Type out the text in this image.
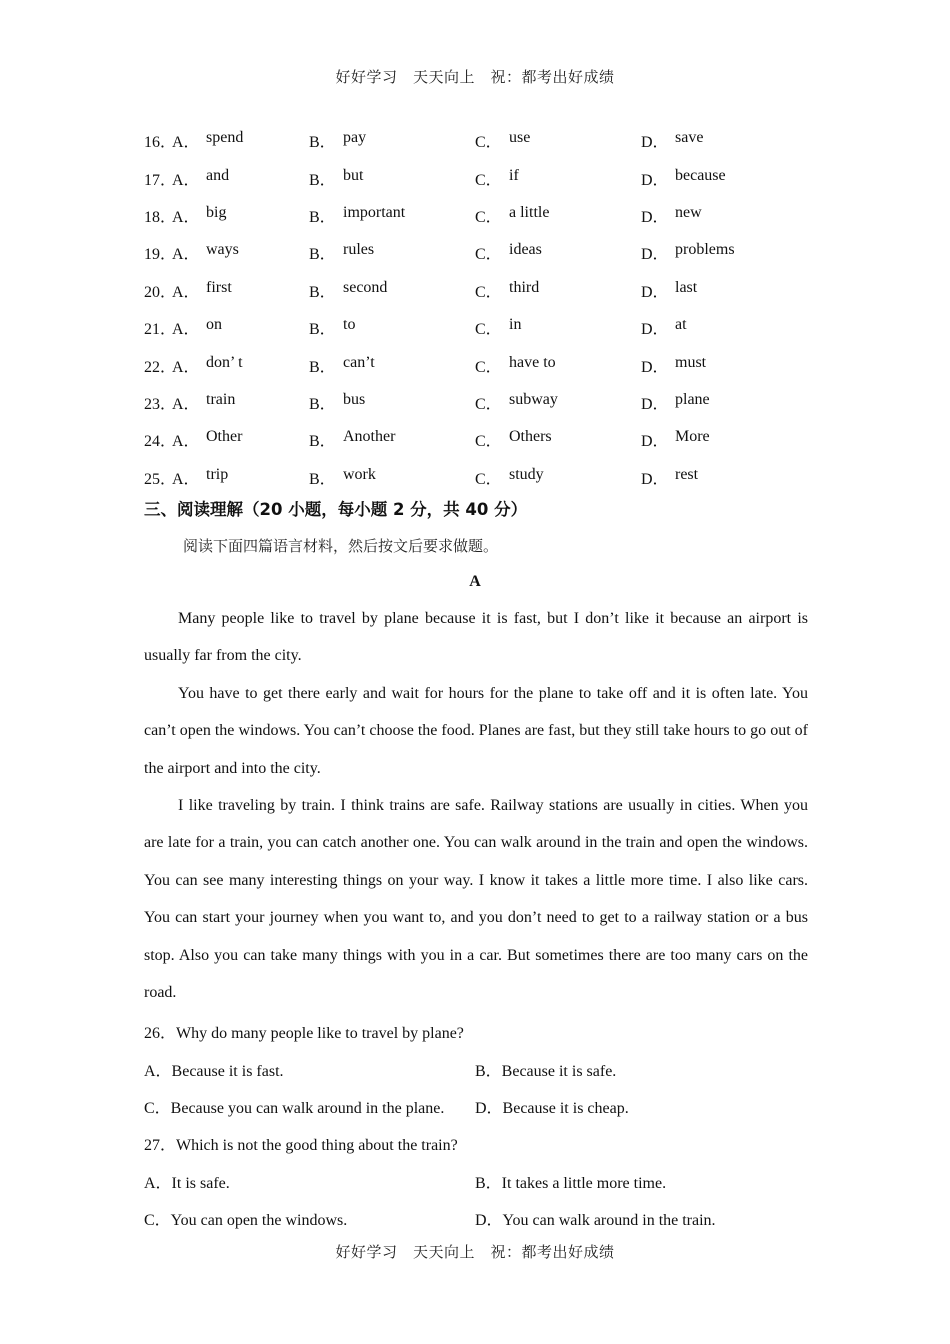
好好学习　天天向上　祝：都考出好成绩
16．
A． spend	B． pay	C． use	D． save
17．
A． and	B． but	C． if	D． because
18．
A． big	B． important	C． a little	D． new
19．
A． ways	B． rules	C． ideas	D． problems
20．
A． first	B． second	C． third	D． last
21．
A． on	B． to	C． in	D． at
22．
A． don’ t	B． can’t	C． have to	D． must
23．
A． train	B． bus	C． subway	D． plane
24．
A． Other	B． Another	C． Others	D． More
25．
A． trip	B． work	C． study	D． rest
三、阅读理解（20 小题，每小题 2 分，共 40 分）
阅读下面四篇语言材料，然后按文后要求做题。
A

Many people like to travel by plane because it is fast, but I don’t like it because an airport is usually far from the city.

You have to get there early and wait for hours for the plane to take off and it is often late. You can’t open the windows. You can’t choose the food. Planes are fast, but they still take hours to go out of the airport and into the city.

I like traveling by train. I think trains are safe. Railway stations are usually in cities. When you are late for a train, you can catch another one. You can walk around in the train and open the windows. You can see many interesting things on your way. I know it takes a little more time. I also like cars. You can start your journey when you want to, and you don’t need to get to a railway station or a bus stop. Also you can take many things with you in a car. But sometimes there are too many cars on the road.

26．Why do many people like to travel by plane?
A．Because it is fast.	B．Because it is safe.
C．Because you can walk around in the plane.	D．Because it is cheap.
27．Which is not the good thing about the train?
A．It is safe.	B．It takes a little more time.
C．You can open the windows.	D．You can walk around in the train.
好好学习　天天向上　祝：都考出好成绩
